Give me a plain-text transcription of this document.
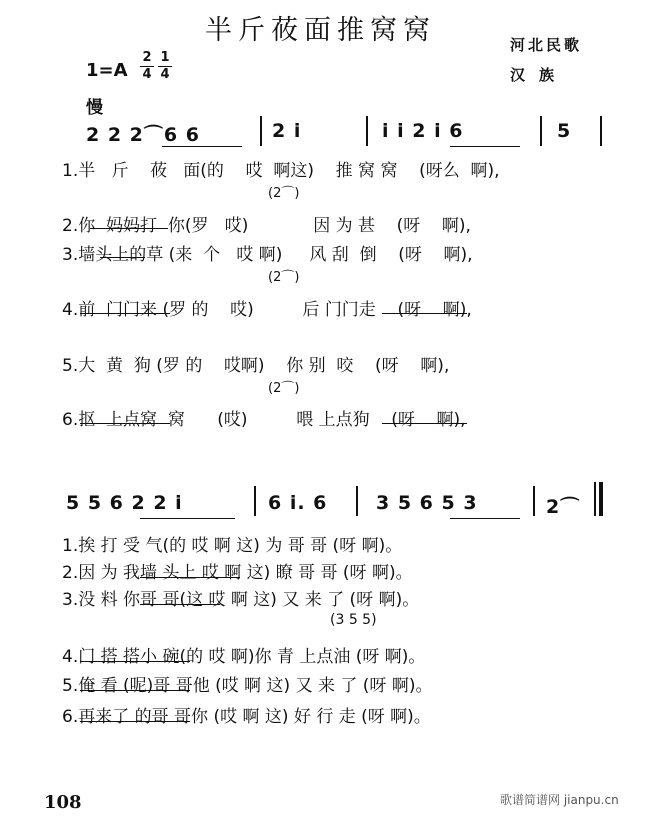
半斤莜面推窝窝	河北民歌
汉族
1=A
2
4
1
4
慢
2 2 2⌒6 6	2 i	i i 2 i 6	5
1.半 斤 莜 面(的 哎 啊这) 推 窝 窝 (呀么 啊),
(2⌒)
2.你 妈妈打 你(罗 哎)	因 为 甚 (呀 啊),
3.墙头上的草 (来 个 哎 啊) 风 刮 倒 (呀 啊),
(2⌒)
4.前 门门来 (罗 的 哎)	后 门门走 (呀 啊),
5.大 黄 狗 (罗 的 哎啊) 你 别 咬 (呀 啊),
(2⌒)
6.抠 上点窝 窝 (哎)	喂 上点狗 (呀 啊),
5 5 6 2 2 i	6 i. 6	3 5 6 5 3	2⌒
1.挨 打 受 气(的 哎 啊 这) 为 哥 哥 (呀 啊)。
2.因 为 我墙 头上 哎 啊 这) 瞭 哥 哥 (呀 啊)。
3.没 料 你哥 哥(这 哎 啊 这) 又 来 了 (呀 啊)。
(3 5 5)
4.门 搭 搭小 碗(的 哎 啊)你 青 上点油 (呀 啊)。
5.俺 看 (呢)哥 哥他 (哎 啊 这) 又 来 了 (呀 啊)。
6.再来了 的哥 哥你 (哎 啊 这) 好 行 走 (呀 啊)。
108	歌谱简谱网 jianpu.cn
